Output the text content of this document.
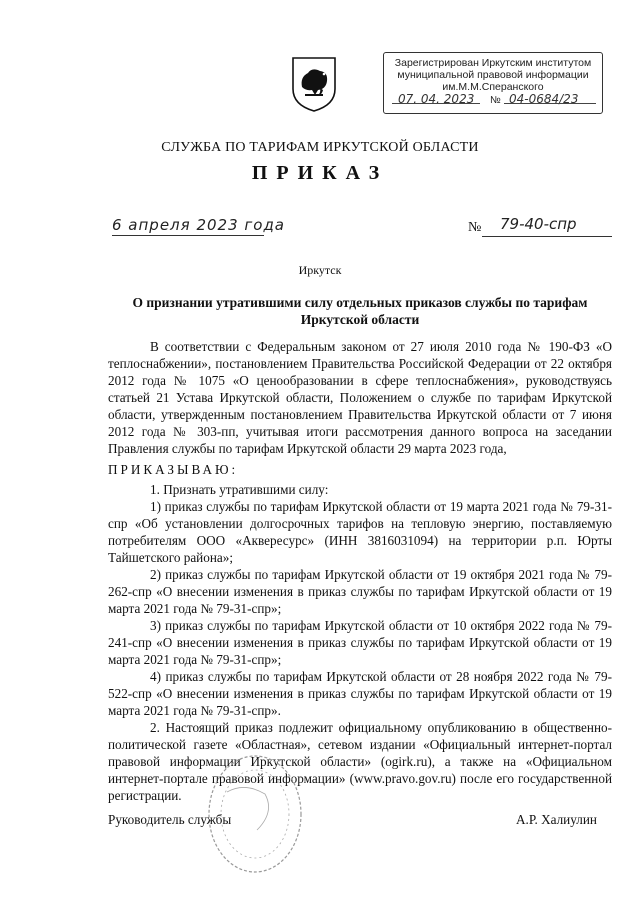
Зарегистрирован Иркутским институтом
муниципальной правовой информации
им.М.М.Сперанского
07. 04. 2023 № 04-0684/23
СЛУЖБА ПО ТАРИФАМ ИРКУТСКОЙ ОБЛАСТИ
ПРИКАЗ
6 апреля 2023 года	№ 79-40-спр
Иркутск
О признании утратившими силу отдельных приказов службы по тарифам Иркутской области

В соответствии с Федеральным законом от 27 июля 2010 года № 190-ФЗ «О теплоснабжении», постановлением Правительства Российской Федерации от 22 октября 2012 года № 1075 «О ценообразовании в сфере теплоснабжения», руководствуясь статьей 21 Устава Иркутской области, Положением о службе по тарифам Иркутской области, утвержденным постановлением Правительства Иркутской области от 7 июня 2012 года № 303-пп, учитывая итоги рассмотрения данного вопроса на заседании Правления службы по тарифам Иркутской области 29 марта 2023 года,

ПРИКАЗЫВАЮ:

1. Признать утратившими силу:

1) приказ службы по тарифам Иркутской области от 19 марта 2021 года № 79-31-спр «Об установлении долгосрочных тарифов на тепловую энергию, поставляемую потребителям ООО «Аквересурс» (ИНН 3816031094) на территории р.п. Юрты Тайшетского района»;

2) приказ службы по тарифам Иркутской области от 19 октября 2021 года № 79-262-спр «О внесении изменения в приказ службы по тарифам Иркутской области от 19 марта 2021 года № 79-31-спр»;

3) приказ службы по тарифам Иркутской области от 10 октября 2022 года № 79-241-спр «О внесении изменения в приказ службы по тарифам Иркутской области от 19 марта 2021 года № 79-31-спр»;

4) приказ службы по тарифам Иркутской области от 28 ноября 2022 года № 79-522-спр «О внесении изменения в приказ службы по тарифам Иркутской области от 19 марта 2021 года № 79-31-спр».

2. Настоящий приказ подлежит официальному опубликованию в общественно-политической газете «Областная», сетевом издании «Официальный интернет-портал правовой информации Иркутской области» (ogirk.ru), а также на «Официальном интернет-портале правовой информации» (www.pravo.gov.ru) после его государственной регистрации.

Руководитель службы	А.Р. Халиулин
